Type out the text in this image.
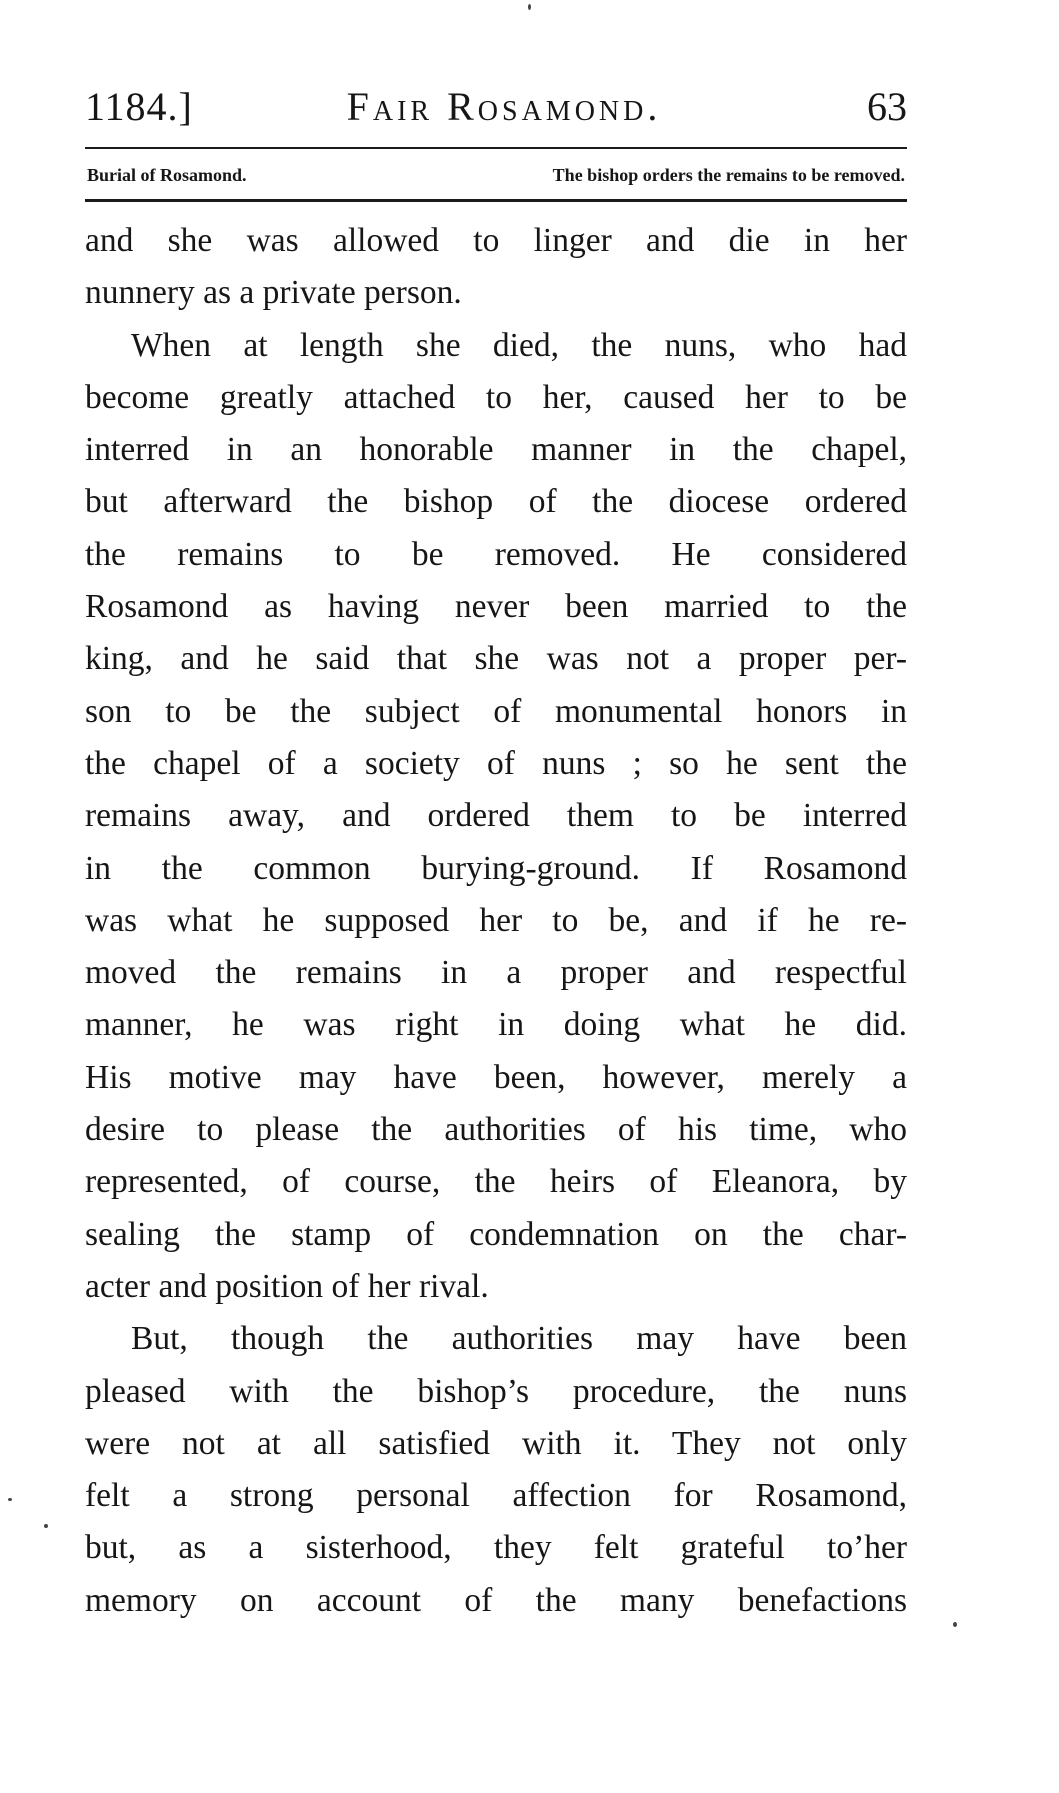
1184.]	Fair Rosamond.	63
Burial of Rosamond.	The bishop orders the remains to be removed.
and she was allowed to linger and die in her
nunnery as a private person.
When at length she died, the nuns, who had
become greatly attached to her, caused her to be
interred in an honorable manner in the chapel,
but afterward the bishop of the diocese ordered
the remains to be removed. He considered
Rosamond as having never been married to the
king, and he said that she was not a proper per-
son to be the subject of monumental honors in
the chapel of a society of nuns ; so he sent the
remains away, and ordered them to be interred
in the common burying-ground. If Rosamond
was what he supposed her to be, and if he re-
moved the remains in a proper and respectful
manner, he was right in doing what he did.
His motive may have been, however, merely a
desire to please the authorities of his time, who
represented, of course, the heirs of Eleanora, by
sealing the stamp of condemnation on the char-
acter and position of her rival.
But, though the authorities may have been
pleased with the bishop’s procedure, the nuns
were not at all satisfied with it. They not only
felt a strong personal affection for Rosamond,
but, as a sisterhood, they felt grateful to’her
memory on account of the many benefactions
